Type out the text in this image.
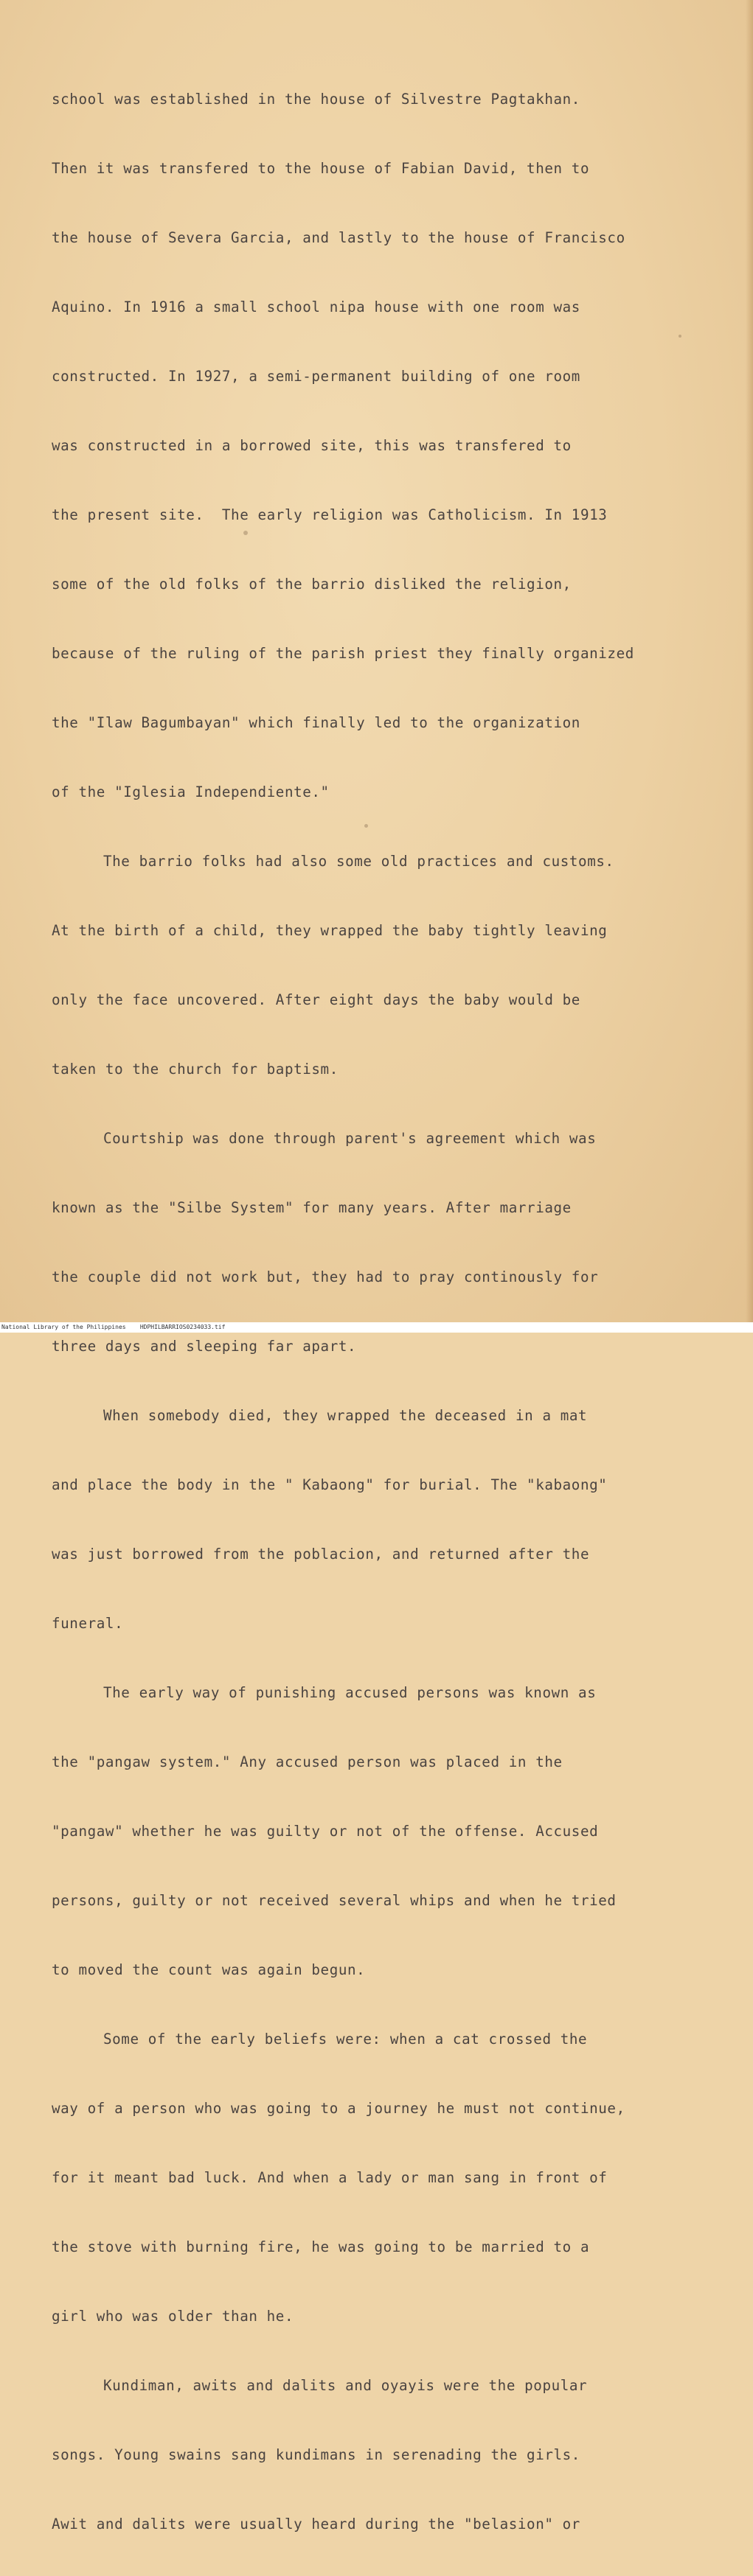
school was established in the house of Silvestre Pagtakhan.

Then it was transfered to the house of Fabian David, then to

the house of Severa Garcia, and lastly to the house of Francisco

Aquino. In 1916 a small school nipa house with one room was

constructed. In 1927, a semi-permanent building of one room

was constructed in a borrowed site, this was transfered to

the present site.  The early religion was Catholicism. In 1913

some of the old folks of the barrio disliked the religion,

because of the ruling of the parish priest they finally organized

the "Ilaw Bagumbayan" which finally led to the organization

of the "Iglesia Independiente."

The barrio folks had also some old practices and customs.

At the birth of a child, they wrapped the baby tightly leaving

only the face uncovered. After eight days the baby would be

taken to the church for baptism.

Courtship was done through parent's agreement which was

known as the "Silbe System" for many years. After marriage

the couple did not work but, they had to pray continously for

three days and sleeping far apart.

When somebody died, they wrapped the deceased in a mat

and place the body in the " Kabaong" for burial. The "kabaong"

was just borrowed from the poblacion, and returned after the

funeral.

The early way of punishing accused persons was known as

the "pangaw system." Any accused person was placed in the

"pangaw" whether he was guilty or not of the offense. Accused

persons, guilty or not received several whips and when he tried

to moved the count was again begun.

Some of the early beliefs were: when a cat crossed the

way of a person who was going to a journey he must not continue,

for it meant bad luck. And when a lady or man sang in front of

the stove with burning fire, he was going to be married to a

girl who was older than he.

Kundiman, awits and dalits and oyayis were the popular

songs. Young swains sang kundimans in serenading the girls.

Awit and dalits were usually heard during the "belasion" or

National Library of the Philippines HDPHILBARRIOS0234033.tif
